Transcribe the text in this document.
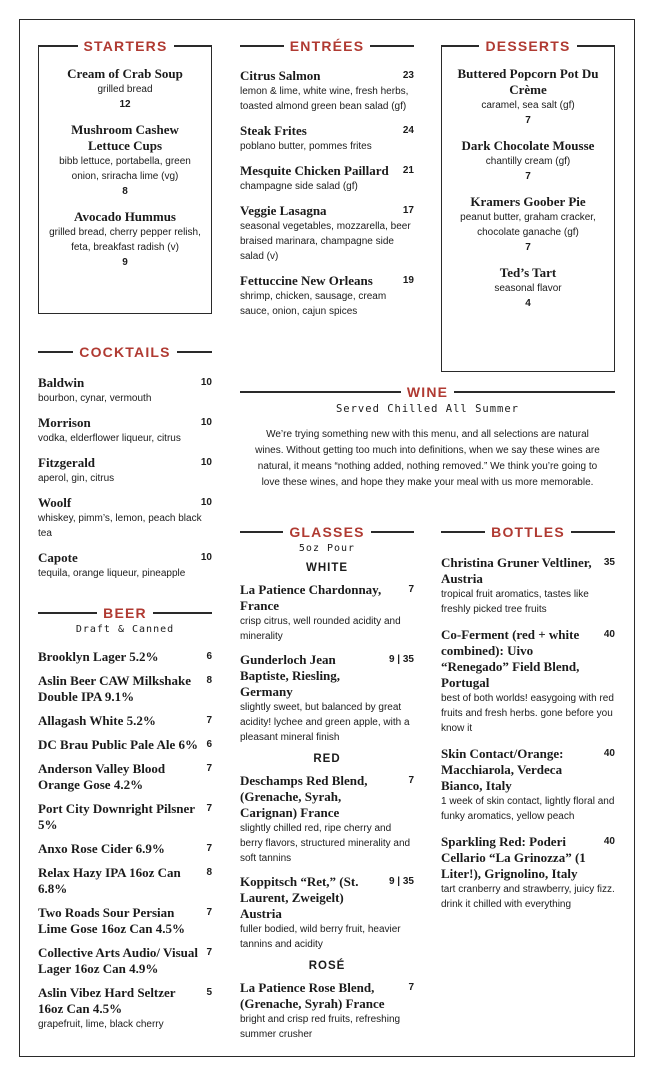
STARTERS
Cream of Crab Soup
grilled bread
12
Mushroom Cashew Lettuce Cups
bibb lettuce, portabella, green onion, sriracha lime (vg)
8
Avocado Hummus
grilled bread, cherry pepper relish, feta, breakfast radish (v)
9
ENTRÉES
Citrus Salmon	23
lemon & lime, white wine, fresh herbs, toasted almond green bean salad (gf)
Steak Frites	24
poblano butter, pommes frites
Mesquite Chicken Paillard	21
champagne side salad (gf)
Veggie Lasagna	17
seasonal vegetables, mozzarella, beer braised marinara, champagne side salad (v)
Fettuccine New Orleans	19
shrimp, chicken, sausage, cream sauce, onion, cajun spices
DESSERTS
Buttered Popcorn Pot Du Crème
caramel, sea salt (gf)
7
Dark Chocolate Mousse
chantilly cream (gf)
7
Kramers Goober Pie
peanut butter, graham cracker, chocolate ganache (gf)
7
Ted’s Tart
seasonal flavor
4
COCKTAILS
Baldwin	10
bourbon, cynar, vermouth
Morrison	10
vodka, elderflower liqueur, citrus
Fitzgerald	10
aperol, gin, citrus
Woolf	10
whiskey, pimm’s, lemon, peach black tea
Capote	10
tequila, orange liqueur, pineapple
BEER
Draft & Canned
Brooklyn Lager 5.2%	6
Aslin Beer CAW Milkshake Double IPA 9.1%
8
Allagash White 5.2%	7
DC Brau Public Pale Ale 6% 6
Anderson Valley Blood Orange Gose 4.2%
7
Port City Downright Pilsner 5%
7
Anxo Rose Cider 6.9%	7
Relax Hazy IPA 16oz Can 6.8%
8
Two Roads Sour Persian Lime Gose 16oz Can 4.5%
7
Collective Arts Audio/ Visual Lager 16oz Can 4.9%
7
Aslin Vibez Hard Seltzer 16oz Can 4.5%
5
grapefruit, lime, black cherry
WINE
Served Chilled All Summer
We’re trying something new with this menu, and all selections are natural wines. Without getting too much into definitions, when we say these wines are natural, it means “nothing added, nothing removed.” We think you’re going to love these wines, and hope they make your meal with us more memorable.
GLASSES
5oz Pour
WHITE
La Patience Chardonnay, France
7
crisp citrus, well rounded acidity and minerality
Gunderloch Jean Baptiste, Riesling, Germany
9 | 35
slightly sweet, but balanced by great acidity! lychee and green apple, with a pleasant mineral finish
RED
Deschamps Red Blend, (Grenache, Syrah, Carignan) France
7
slightly chilled red, ripe cherry and berry flavors, structured minerality and soft tannins
Koppitsch “Ret,” (St. Laurent, Zweigelt) Austria
9 | 35
fuller bodied, wild berry fruit, heavier tannins and acidity
ROSÉ
La Patience Rose Blend, (Grenache, Syrah) France
7
bright and crisp red fruits, refreshing summer crusher
BOTTLES
Christina Gruner Veltliner, Austria
35
tropical fruit aromatics, tastes like freshly picked tree fruits
Co-Ferment (red + white combined): Uivo “Renegado” Field Blend, Portugal
40
best of both worlds! easygoing with red fruits and fresh herbs. gone before you know it
Skin Contact/Orange: Macchiarola, Verdeca Bianco, Italy
40
1 week of skin contact, lightly floral and funky aromatics, yellow peach
Sparkling Red: Poderi Cellario “La Grinozza” (1 Liter!), Grignolino, Italy
40
tart cranberry and strawberry, juicy fizz. drink it chilled with everything
